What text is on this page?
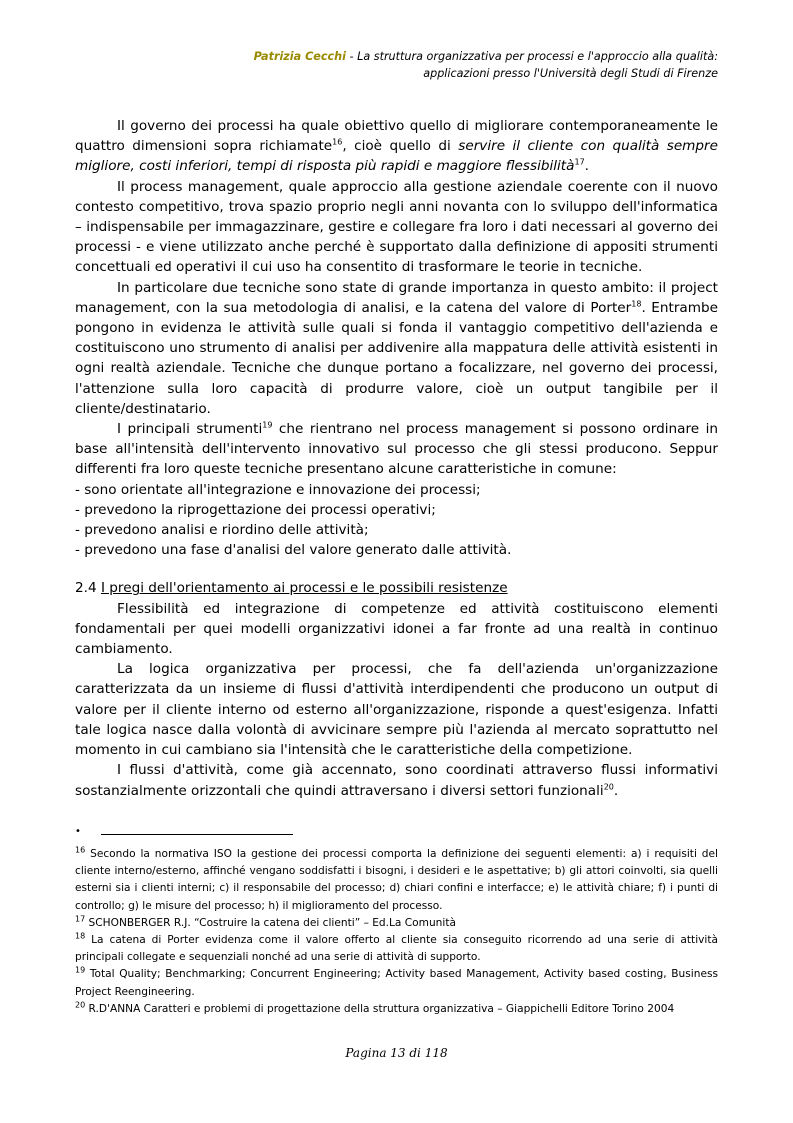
Patrizia Cecchi - La struttura organizzativa per processi e l'approccio alla qualità:
applicazioni presso l'Università degli Studi di Firenze

Il governo dei processi ha quale obiettivo quello di migliorare contemporaneamente le quattro dimensioni sopra richiamate$^{16}$, cioè quello di servire il cliente con qualità sempre migliore, costi inferiori, tempi di risposta più rapidi e maggiore flessibilità$^{17}$.

Il process management, quale approccio alla gestione aziendale coerente con il nuovo contesto competitivo, trova spazio proprio negli anni novanta con lo sviluppo dell'informatica – indispensabile per immagazzinare, gestire e collegare fra loro i dati necessari al governo dei processi - e viene utilizzato anche perché è supportato dalla definizione di appositi strumenti concettuali ed operativi il cui uso ha consentito di trasformare le teorie in tecniche.

In particolare due tecniche sono state di grande importanza in questo ambito: il project management, con la sua metodologia di analisi, e la catena del valore di Porter$^{18}$. Entrambe pongono in evidenza le attività sulle quali si fonda il vantaggio competitivo dell'azienda e costituiscono uno strumento di analisi per addivenire alla mappatura delle attività esistenti in ogni realtà aziendale. Tecniche che dunque portano a focalizzare, nel governo dei processi, l'attenzione sulla loro capacità di produrre valore, cioè un output tangibile per il cliente/destinatario.

I principali strumenti$^{19}$ che rientrano nel process management si possono ordinare in base all'intensità dell'intervento innovativo sul processo che gli stessi producono. Seppur differenti fra loro queste tecniche presentano alcune caratteristiche in comune:

- sono orientate all'integrazione e innovazione dei processi;

- prevedono la riprogettazione dei processi operativi;

- prevedono analisi e riordino delle attività;

- prevedono una fase d'analisi del valore generato dalle attività.

2.4 I pregi dell'orientamento ai processi e le possibili resistenze

Flessibilità ed integrazione di competenze ed attività costituiscono elementi fondamentali per quei modelli organizzativi idonei a far fronte ad una realtà in continuo cambiamento.

La logica organizzativa per processi, che fa dell'azienda un'organizzazione caratterizzata da un insieme di flussi d'attività interdipendenti che producono un output di valore per il cliente interno od esterno all'organizzazione, risponde a quest'esigenza. Infatti tale logica nasce dalla volontà di avvicinare sempre più l'azienda al mercato soprattutto nel momento in cui cambiano sia l'intensità che le caratteristiche della competizione.

I flussi d'attività, come già accennato, sono coordinati attraverso flussi informativi sostanzialmente orizzontali che quindi attraversano i diversi settori funzionali$^{20}$.

•

$^{16}$ Secondo la normativa ISO la gestione dei processi comporta la definizione dei seguenti elementi: a) i requisiti del cliente interno/esterno, affinché vengano soddisfatti i bisogni, i desideri e le aspettative; b) gli attori coinvolti, sia quelli esterni sia i clienti interni; c) il responsabile del processo; d) chiari confini e interfacce; e) le attività chiare; f) i punti di controllo; g) le misure del processo; h) il miglioramento del processo.

$^{17}$ SCHONBERGER R.J. “Costruire la catena dei clienti” – Ed.La Comunità

$^{18}$ La catena di Porter evidenza come il valore offerto al cliente sia conseguito ricorrendo ad una serie di attività principali collegate e sequenziali nonché ad una serie di attività di supporto.

$^{19}$ Total Quality; Benchmarking; Concurrent Engineering; Activity based Management, Activity based costing, Business Project Reengineering.

$^{20}$ R.D'ANNA Caratteri e problemi di progettazione della struttura organizzativa – Giappichelli Editore Torino 2004

Pagina 13 di 118
